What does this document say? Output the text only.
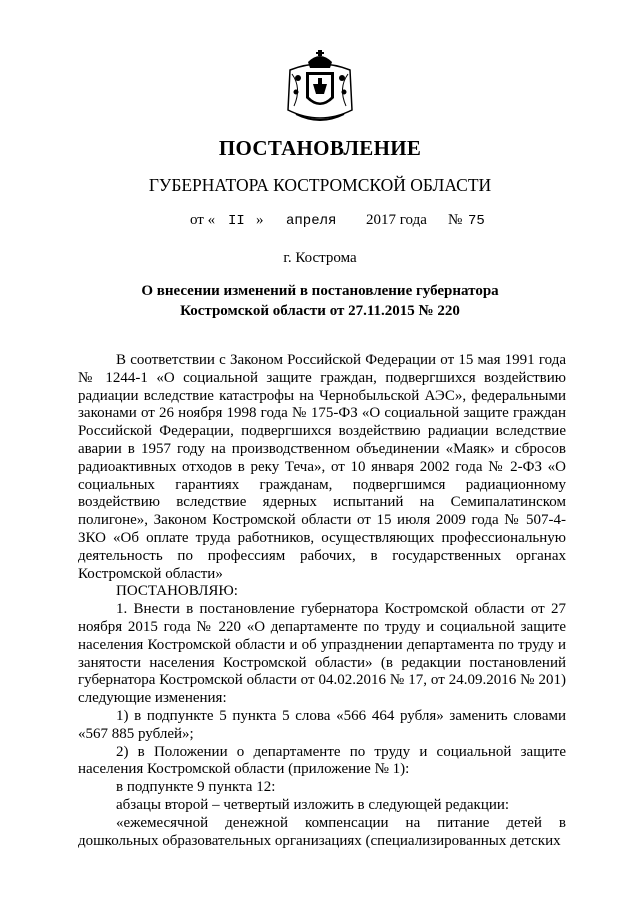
ПОСТАНОВЛЕНИЕ
ГУБЕРНАТОРА КОСТРОМСКОЙ ОБЛАСТИ
от « II » апреля 2017 года № 75
г. Кострома
О внесении изменений в постановление губернатора
Костромской области от 27.11.2015 № 220

В соответствии с Законом Российской Федерации от 15 мая 1991 года № 1244-1 «О социальной защите граждан, подвергшихся воздействию радиации вследствие катастрофы на Чернобыльской АЭС», федеральными законами от 26 ноября 1998 года № 175-ФЗ «О социальной защите граждан Российской Федерации, подвергшихся воздействию радиации вследствие аварии в 1957 году на производственном объединении «Маяк» и сбросов радиоактивных отходов в реку Теча», от 10 января 2002 года № 2-ФЗ «О социальных гарантиях гражданам, подвергшимся радиационному воздействию вследствие ядерных испытаний на Семипалатинском полигоне», Законом Костромской области от 15 июля 2009 года № 507-4-ЗКО «Об оплате труда работников, осуществляющих профессиональную деятельность по профессиям рабочих, в государственных органах Костромской области»

ПОСТАНОВЛЯЮ:

1. Внести в постановление губернатора Костромской области от 27 ноября 2015 года № 220 «О департаменте по труду и социальной защите населения Костромской области и об упразднении департамента по труду и занятости населения Костромской области» (в редакции постановлений губернатора Костромской области от 04.02.2016 № 17, от 24.09.2016 № 201) следующие изменения:

1) в подпункте 5 пункта 5 слова «566 464 рубля» заменить словами «567 885 рублей»;

2) в Положении о департаменте по труду и социальной защите населения Костромской области (приложение № 1):

в подпункте 9 пункта 12:

абзацы второй – четвертый изложить в следующей редакции:

«ежемесячной денежной компенсации на питание детей в дошкольных образовательных организациях (специализированных детских
